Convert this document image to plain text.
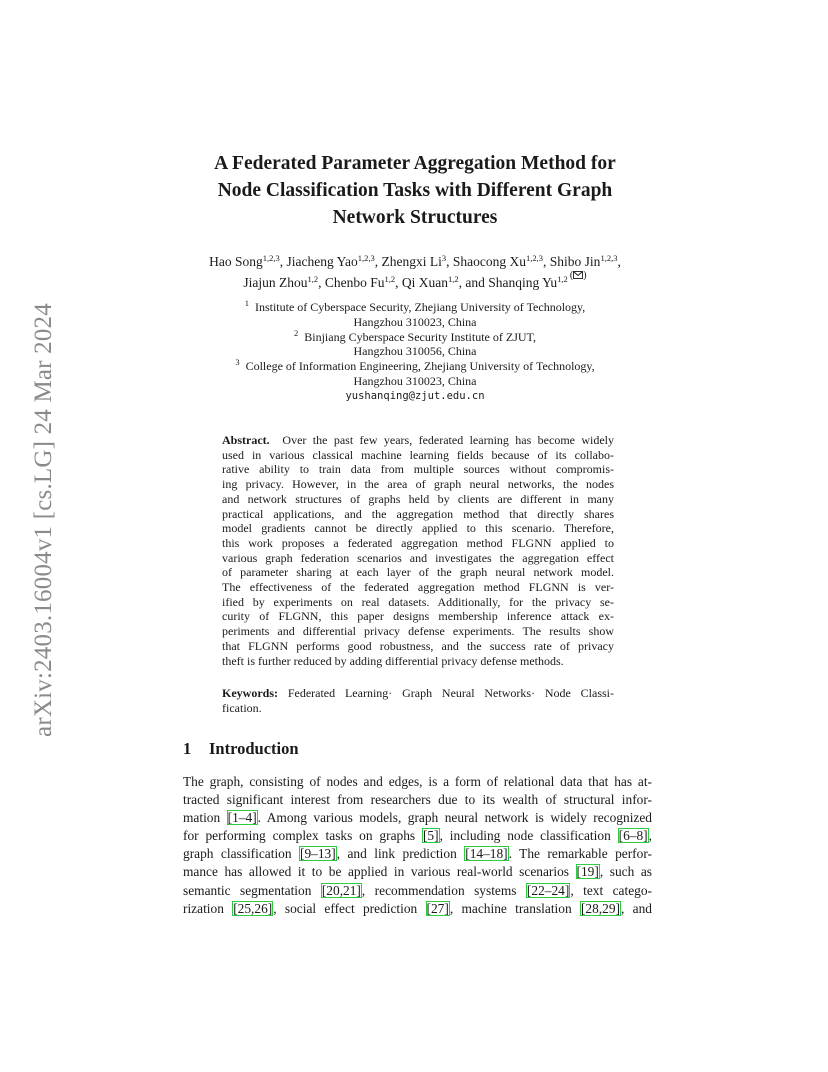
arXiv:2403.16004v1 [cs.LG] 24 Mar 2024
A Federated Parameter Aggregation Method for
Node Classification Tasks with Different Graph
Network Structures
Hao Song$^{1,2,3}$, Jiacheng Yao$^{1,2,3}$, Zhengxi Li$^3$, Shaocong Xu$^{1,2,3}$, Shibo Jin$^{1,2,3}$,
Jiajun Zhou$^{1,2}$, Chenbo Fu$^{1,2}$, Qi Xuan$^{1,2}$, and Shanqing $Yu^{1,2 ( )}$
$^1$ Institute of Cyberspace Security, Zhejiang University of Technology,
Hangzhou 310023, China
$^2$ Binjiang Cyberspace Security Institute of ZJUT,
Hangzhou 310056, China
$^3$ College of Information Engineering, Zhejiang University of Technology,
Hangzhou 310023, China
yushanqing@zjut.edu.cn
Abstract. Over the past few years, federated learning has become widely
used in various classical machine learning fields because of its collabo-
rative ability to train data from multiple sources without compromis-
ing privacy. However, in the area of graph neural networks, the nodes
and network structures of graphs held by clients are different in many
practical applications, and the aggregation method that directly shares
model gradients cannot be directly applied to this scenario. Therefore,
this work proposes a federated aggregation method FLGNN applied to
various graph federation scenarios and investigates the aggregation effect
of parameter sharing at each layer of the graph neural network model.
The effectiveness of the federated aggregation method FLGNN is ver-
ified by experiments on real datasets. Additionally, for the privacy se-
curity of FLGNN, this paper designs membership inference attack ex-
periments and differential privacy defense experiments. The results show
that FLGNN performs good robustness, and the success rate of privacy
theft is further reduced by adding differential privacy defense methods.
Keywords: Federated Learning· Graph Neural Networks· Node Classi-
fication.
1 Introduction
The graph, consisting of nodes and edges, is a form of relational data that has at-
tracted significant interest from researchers due to its wealth of structural infor-
mation [1–4]. Among various models, graph neural network is widely recognized
for performing complex tasks on graphs [5], including node classification [6–8],
graph classification [9–13], and link prediction [14–18]. The remarkable perfor-
mance has allowed it to be applied in various real-world scenarios [19], such as
semantic segmentation [20,21], recommendation systems [22–24], text catego-
rization [25,26], social effect prediction [27], machine translation [28,29], and
